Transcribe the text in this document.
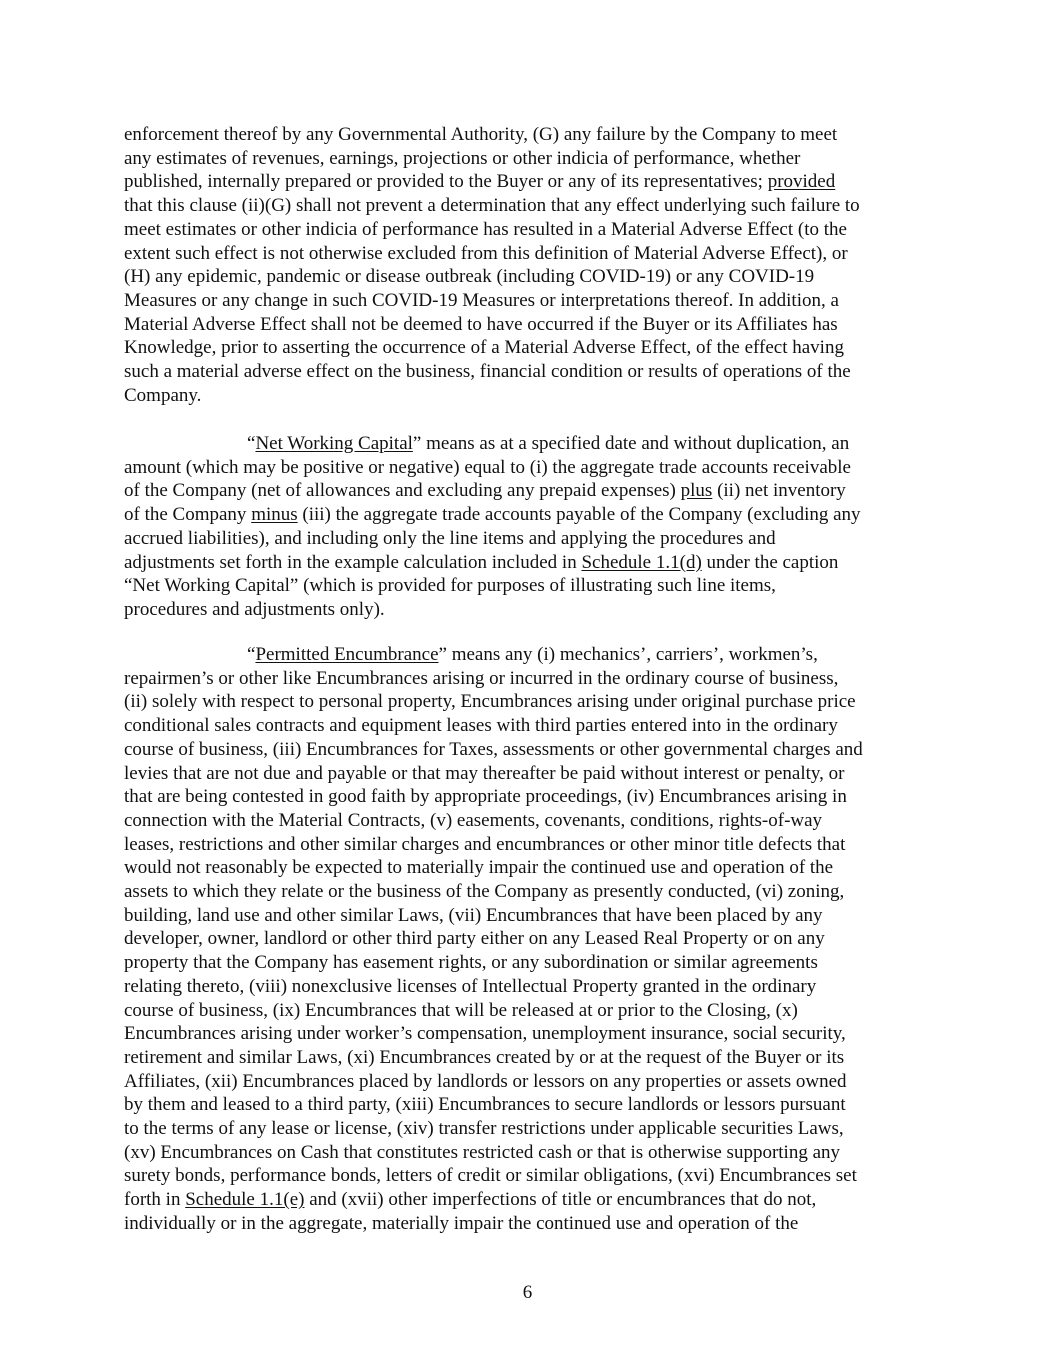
enforcement thereof by any Governmental Authority, (G) any failure by the Company to meet
any estimates of revenues, earnings, projections or other indicia of performance, whether
published, internally prepared or provided to the Buyer or any of its representatives; provided
that this clause (ii)(G) shall not prevent a determination that any effect underlying such failure to
meet estimates or other indicia of performance has resulted in a Material Adverse Effect (to the
extent such effect is not otherwise excluded from this definition of Material Adverse Effect), or
(H) any epidemic, pandemic or disease outbreak (including COVID-19) or any COVID-19
Measures or any change in such COVID-19 Measures or interpretations thereof. In addition, a
Material Adverse Effect shall not be deemed to have occurred if the Buyer or its Affiliates has
Knowledge, prior to asserting the occurrence of a Material Adverse Effect, of the effect having
such a material adverse effect on the business, financial condition or results of operations of the
Company.
“Net Working Capital” means as at a specified date and without duplication, an
amount (which may be positive or negative) equal to (i) the aggregate trade accounts receivable
of the Company (net of allowances and excluding any prepaid expenses) plus (ii) net inventory
of the Company minus (iii) the aggregate trade accounts payable of the Company (excluding any
accrued liabilities), and including only the line items and applying the procedures and
adjustments set forth in the example calculation included in Schedule 1.1(d) under the caption
“Net Working Capital” (which is provided for purposes of illustrating such line items,
procedures and adjustments only).
“Permitted Encumbrance” means any (i) mechanics’, carriers’, workmen’s,
repairmen’s or other like Encumbrances arising or incurred in the ordinary course of business,
(ii) solely with respect to personal property, Encumbrances arising under original purchase price
conditional sales contracts and equipment leases with third parties entered into in the ordinary
course of business, (iii) Encumbrances for Taxes, assessments or other governmental charges and
levies that are not due and payable or that may thereafter be paid without interest or penalty, or
that are being contested in good faith by appropriate proceedings, (iv) Encumbrances arising in
connection with the Material Contracts, (v) easements, covenants, conditions, rights-of-way
leases, restrictions and other similar charges and encumbrances or other minor title defects that
would not reasonably be expected to materially impair the continued use and operation of the
assets to which they relate or the business of the Company as presently conducted, (vi) zoning,
building, land use and other similar Laws, (vii) Encumbrances that have been placed by any
developer, owner, landlord or other third party either on any Leased Real Property or on any
property that the Company has easement rights, or any subordination or similar agreements
relating thereto, (viii) nonexclusive licenses of Intellectual Property granted in the ordinary
course of business, (ix) Encumbrances that will be released at or prior to the Closing, (x)
Encumbrances arising under worker’s compensation, unemployment insurance, social security,
retirement and similar Laws, (xi) Encumbrances created by or at the request of the Buyer or its
Affiliates, (xii) Encumbrances placed by landlords or lessors on any properties or assets owned
by them and leased to a third party, (xiii) Encumbrances to secure landlords or lessors pursuant
to the terms of any lease or license, (xiv) transfer restrictions under applicable securities Laws,
(xv) Encumbrances on Cash that constitutes restricted cash or that is otherwise supporting any
surety bonds, performance bonds, letters of credit or similar obligations, (xvi) Encumbrances set
forth in Schedule 1.1(e) and (xvii) other imperfections of title or encumbrances that do not,
individually or in the aggregate, materially impair the continued use and operation of the
6
